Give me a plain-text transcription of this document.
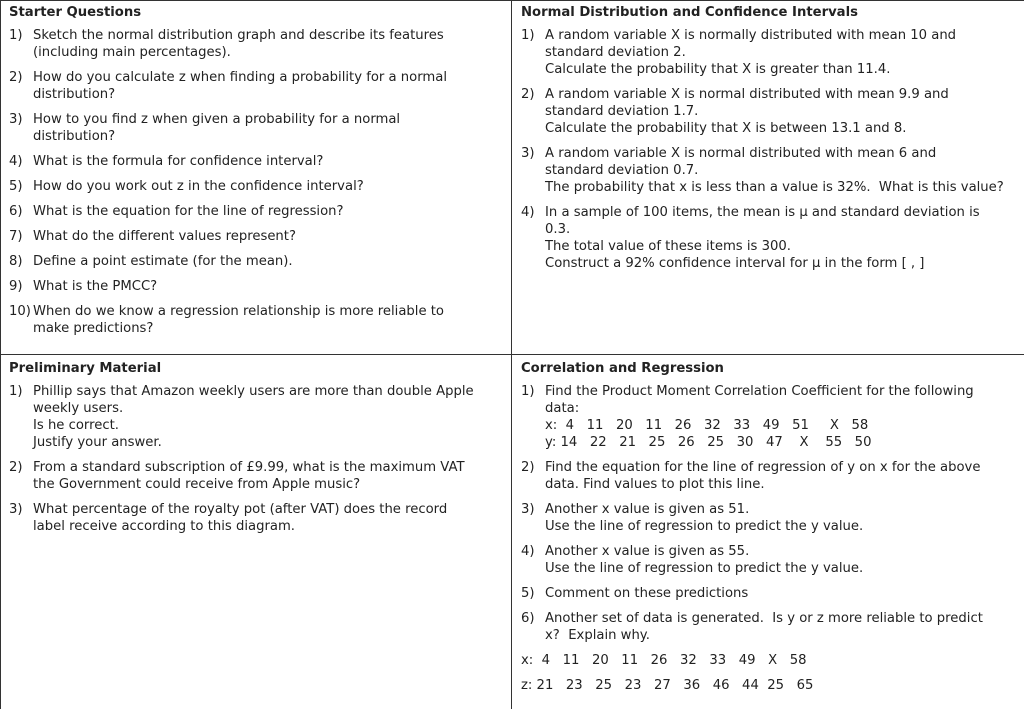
Starter Questions
1) Sketch the normal distribution graph and describe its features
(including main percentages).
2) How do you calculate z when finding a probability for a normal
distribution?
3) How to you find z when given a probability for a normal
distribution?
4) What is the formula for confidence interval?
5) How do you work out z in the confidence interval?
6) What is the equation for the line of regression?
7) What do the different values represent?
8) Define a point estimate (for the mean).
9) What is the PMCC?
10) When do we know a regression relationship is more reliable to
make predictions?
Normal Distribution and Confidence Intervals
1) A random variable X is normally distributed with mean 10 and
standard deviation 2.
Calculate the probability that X is greater than 11.4.
2) A random variable X is normal distributed with mean 9.9 and
standard deviation 1.7.
Calculate the probability that X is between 13.1 and 8.
3) A random variable X is normal distributed with mean 6 and
standard deviation 0.7.
The probability that x is less than a value is 32%.  What is this value?
4) In a sample of 100 items, the mean is μ and standard deviation is
0.3.
The total value of these items is 300.
Construct a 92% confidence interval for μ in the form [ , ]
Preliminary Material
1) Phillip says that Amazon weekly users are more than double Apple
weekly users.
Is he correct.
Justify your answer.
2) From a standard subscription of £9.99, what is the maximum VAT
the Government could receive from Apple music?
3) What percentage of the royalty pot (after VAT) does the record
label receive according to this diagram.
Correlation and Regression
1) Find the Product Moment Correlation Coefficient for the following
data:
x:  4   11   20   11   26   32   33   49   51     X   58
y: 14   22   21   25   26   25   30   47    X    55   50
2) Find the equation for the line of regression of y on x for the above
data. Find values to plot this line.
3) Another x value is given as 51.
Use the line of regression to predict the y value.
4) Another x value is given as 55.
Use the line of regression to predict the y value.
5) Comment on these predictions
6) Another set of data is generated.  Is y or z more reliable to predict
x?  Explain why.
x:  4   11   20   11   26   32   33   49   X   58
z: 21   23   25   23   27   36   46   44  25   65
